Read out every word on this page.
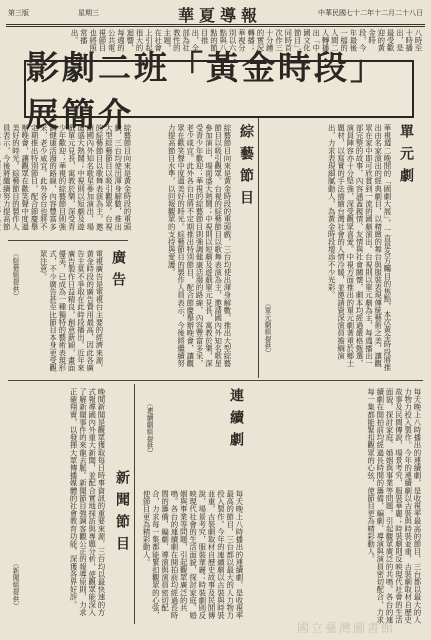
第三版	星期三	華夏導報	中華民國七十二年十二月二十八日
八時至十時播出，是最受歡迎的黃金時段，今年最後一檔的人間二人轉播出「中國文化節目」，同時首次作三十分鐘的實況轉播；華視分別以六點與八點的節目推出，全部為社教性的主題，在社會上引起很大的迴響，每週的公共電視節目也將照常播出。
影劇二班「黃金時段」展簡介
單元劇
華視週二晚間的「國劇大展」，一直是各方矚目的焦點，本次黃金時段將推出由名家演出的經典劇目，以精緻的舞台與服裝表現傳統藝術之美，讓觀眾在家中即可欣賞到一流的國劇演出。台視則以單元劇為主，每週播出一部完整的故事，內容涵蓋親情、友情與社會關懷，劇本均經過嚴格甄選，演員陣容亦十分堅強，深受觀眾喜愛。中視方面推出的單元劇著重於鄉土題材，以寫實的手法描繪台灣社會的人情冷暖，並邀請資深演員擔綱演出，力求表現細膩動人，為黃金時段增添不少光彩。
（單元劇組提供）
綜藝節目
綜藝節目向來是黃金時段的重頭戲，三台均使出渾身解數，推出大型綜藝節目以吸引觀眾。台視的綜藝節目以歌舞表演為主，邀請國內外知名歌星參加演出，場面盛大熱鬧；中視則以短劇及遊戲單元見長，寓教於樂，深受青少年歡迎；華視的綜藝節目則強調健康活潑的路線，內容豐富多采，老少咸宜。此外各台也將不定期推出特別節目，配合節慶舉辦晚會，讓觀眾在歡笑聲中度過美好的時光。綜藝節目的製作人員表示，今後將繼續努力提高節目水準，以回報觀眾的支持與愛護。
綜藝節目向來是黃金時段的重頭戲，三台均使出渾身解數，推出大型綜藝節目以吸引觀眾。台視的綜藝節目以歌舞表演為主，邀請國內外知名歌星參加演出，場面盛大熱鬧；中視則以短劇及遊戲單元見長，寓教於樂，深受青少年歡迎；華視的綜藝節目則強調健康活潑的路線，內容豐富多采，老少咸宜。此外各台也將不定期推出特別節目，配合節慶舉辦晚會，讓觀眾在歡笑聲中度過美好的時光。綜藝節目的製作人員表示，今後將繼續努力提高節
（綜藝組提供）	廣告
電視廣告是電視台主要的經濟來源，黃金時段的廣告費用最高，因此各廣告主莫不爭取在此時段播出。近年來廣告製作日益精良，創意新穎，畫面優美，已成為一種獨特的藝術表現形式，不少廣告甚至比節目本身更受觀眾注意。
連續劇	每天晚上八時播出的連續劇，是收視率最高的節目，三台都以最大的人力物力投入製作。今年的連續劇以古裝與時裝並重，古裝劇取材自歷史故事及民間傳說，場景考究，服裝華麗；時裝劇則反映現代社會的生活面貌，探討家庭、婚姻與事業等問題，引起觀眾廣泛的共鳴。各台的連續劇在開拍前均經過長時間的籌備，編劇、導演與演員密切配合，力求每一集都能緊扣觀眾的心弦，使節目更為精彩動人。
每天晚上八時播出的連續劇，是收視率最高的節目，三台都以最大的人力物力投入製作。今年的連續劇以古裝與時裝並重，古裝劇取材自歷史故事及民間傳說，場景考究，服裝華麗；時裝劇則反映現代社會的生活面貌，探討家庭、婚姻與事業等問題，引起觀眾廣泛的共鳴。各台的連續劇在開拍前均經過長時間的籌備，編劇、導演與演員密切配合，力求每一集都能緊扣觀眾的心弦，使節目更為精彩動人。
（連續劇組提供）
新聞節目
晚間新聞是觀眾獲取每日時事資訊的重要來源，三台均以最快速的方式報導國內外重大新聞，並配合實地採訪與專題分析，使觀眾能深入了解新聞事件的來龍去脈。新聞節目強調客觀公正的報導原則，力求正確翔實，以發揮大眾傳播媒體的社會教育功能，深獲各界好評。
（新聞組提供）
國立臺灣圖書館
